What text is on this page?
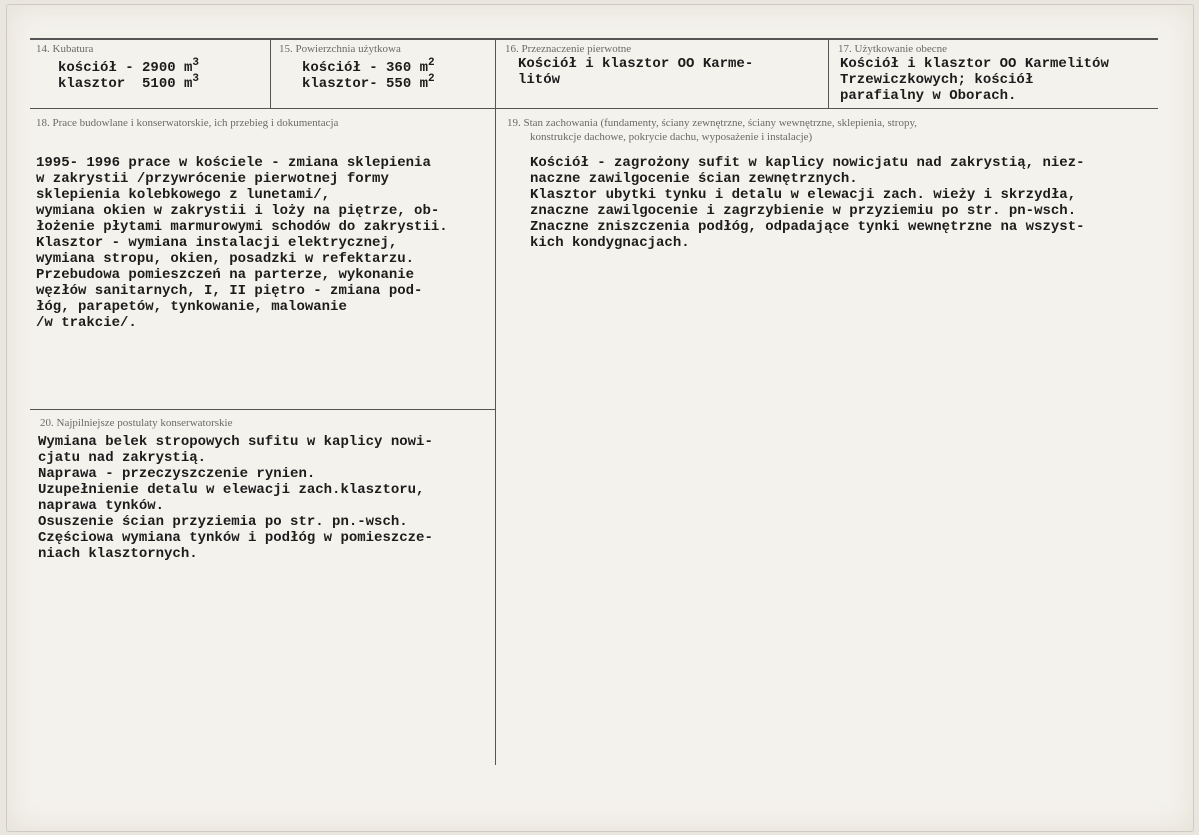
14. Kubatura
kościół - 2900 $m^3$
klasztor  5100 $m^3$
15. Powierzchnia użytkowa
kościół - 360 $m^2$
klasztor- 550 $m^2$
16. Przeznaczenie pierwotne
Kościół i klasztor OO Karme-
litów
17. Użytkowanie obecne
Kościół i klasztor OO Karmelitów
Trzewiczkowych; kościół
parafialny w Oborach.
18. Prace budowlane i konserwatorskie, ich przebieg i dokumentacja
1995- 1996 prace w kościele - zmiana sklepienia
w zakrystii /przywrócenie pierwotnej formy
sklepienia kolebkowego z lunetami/,
wymiana okien w zakrystii i loży na piętrze, ob-
łożenie płytami marmurowymi schodów do zakrystii.
Klasztor - wymiana instalacji elektrycznej,
wymiana stropu, okien, posadzki w refektarzu.
Przebudowa pomieszczeń na parterze, wykonanie
węzłów sanitarnych, I, II piętro - zmiana pod-
łóg, parapetów, tynkowanie, malowanie
/w trakcie/.
19. Stan zachowania (fundamenty, ściany zewnętrzne, ściany wewnętrzne, sklepienia, stropy,
konstrukcje dachowe, pokrycie dachu, wyposażenie i instalacje)
Kościół - zagrożony sufit w kaplicy nowicjatu nad zakrystią, niez-
naczne zawilgocenie ścian zewnętrznych.
Klasztor ubytki tynku i detalu w elewacji zach. wieży i skrzydła,
znaczne zawilgocenie i zagrzybienie w przyziemiu po str. pn-wsch.
Znaczne zniszczenia podłóg, odpadające tynki wewnętrzne na wszyst-
kich kondygnacjach.
20. Najpilniejsze postulaty konserwatorskie
Wymiana belek stropowych sufitu w kaplicy nowi-
cjatu nad zakrystią.
Naprawa - przeczyszczenie rynien.
Uzupełnienie detalu w elewacji zach.klasztoru,
naprawa tynków.
Osuszenie ścian przyziemia po str. pn.-wsch.
Częściowa wymiana tynków i podłóg w pomieszcze-
niach klasztornych.
